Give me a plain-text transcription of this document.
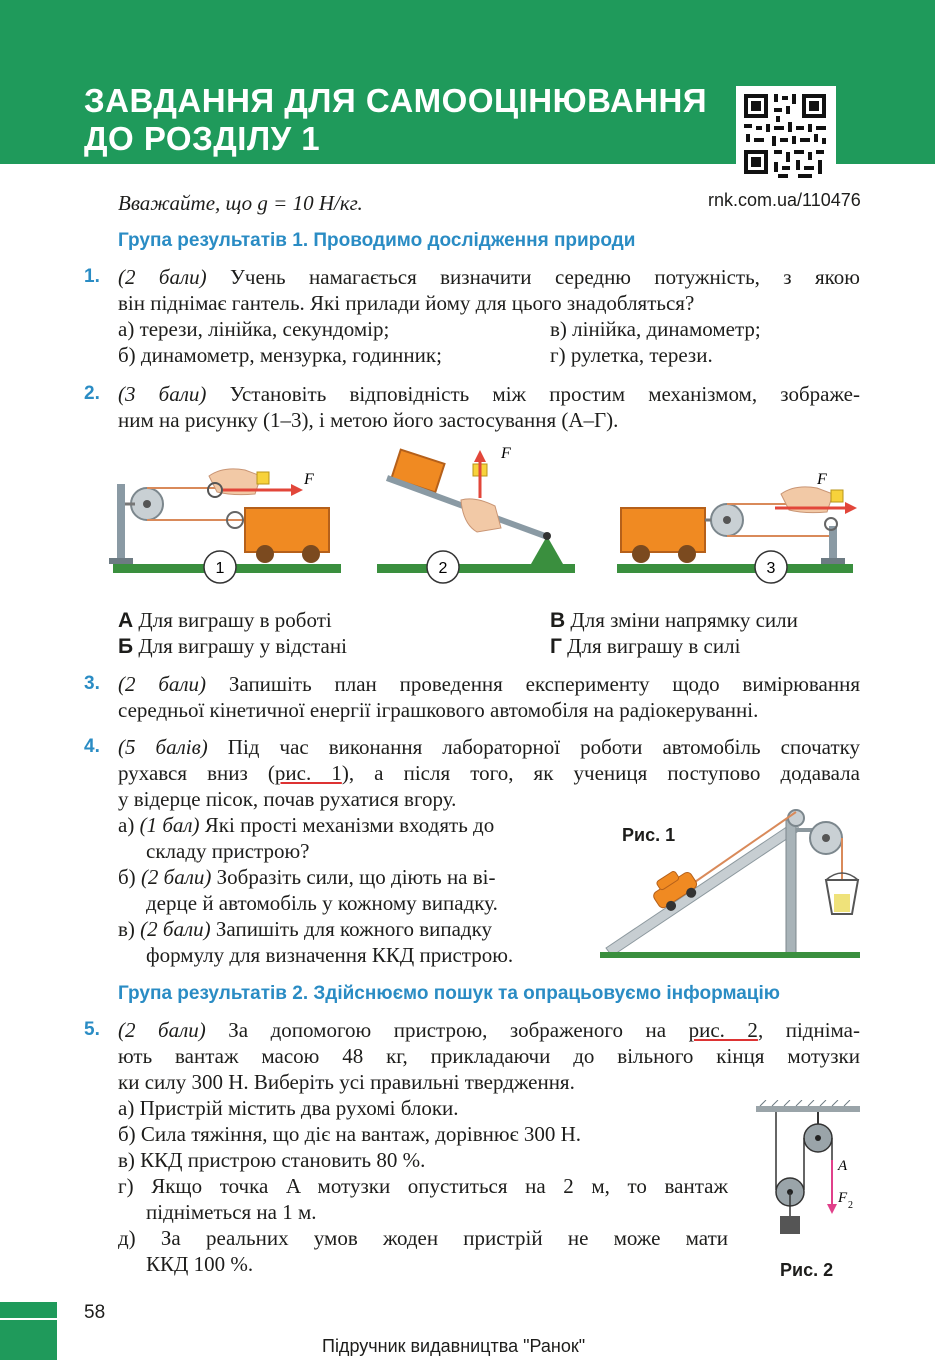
ЗАВДАННЯ ДЛЯ САМООЦІНЮВАННЯ
ДО РОЗДІЛУ 1
rnk.com.ua/110476
Вважайте, що g = 10 Н/кг.
Група результатів 1. Проводимо дослідження природи
1. (2 бали) Учень намагається визначити середню потужність, з якою
він піднімає гантель. Які прилади йому для цього знадобляться?
а) терези, лінійка, секундомір;	в) лінійка, динамометр;
б) динамометр, мензурка, годинник;	г) рулетка, терези.
2. (3 бали) Установіть відповідність між простим механізмом, зображе-
ним на рисунку (1–3), і метою його застосування (А–Г).
F
F
F
1	2	3
А Для виграшу в роботі	В Для зміни напрямку сили
Б Для виграшу у відстані	Г Для виграшу в силі
3. (2 бали) Запишіть план проведення експерименту щодо вимірювання
середньої кінетичної енергії іграшкового автомобіля на радіокеруванні.
4. (5 балів) Під час виконання лабораторної роботи автомобіль спочатку
рухався вниз (рис. 1), а після того, як учениця поступово додавала
у відерце пісок, почав рухатися вгору.
а) (1 бал) Які прості механізми входять до
складу пристрою?
б) (2 бали) Зобразіть сили, що діють на ві-
дерце й автомобіль у кожному випадку.
в) (2 бали) Запишіть для кожного випадку
формулу для визначення ККД пристрою.
Рис. 1
Група результатів 2. Здійснюємо пошук та опрацьовуємо інформацію
5. (2 бали) За допомогою пристрою, зображеного на рис. 2, підніма-
ють вантаж масою 48 кг, прикладаючи до вільного кінця мотузки
ки силу 300 Н. Виберіть усі правильні твердження.
а) Пристрій містить два рухомі блоки.
б) Сила тяжіння, що діє на вантаж, дорівнює 300 Н.
в) ККД пристрою становить 80 %.
г) Якщо точка A мотузки опуститься на 2 м, то вантаж
підніметься на 1 м.
д) За реальних умов жоден пристрій не може мати
ККД 100 %.
A
F 2
Рис. 2
58
Підручник видавництва "Ранок"
